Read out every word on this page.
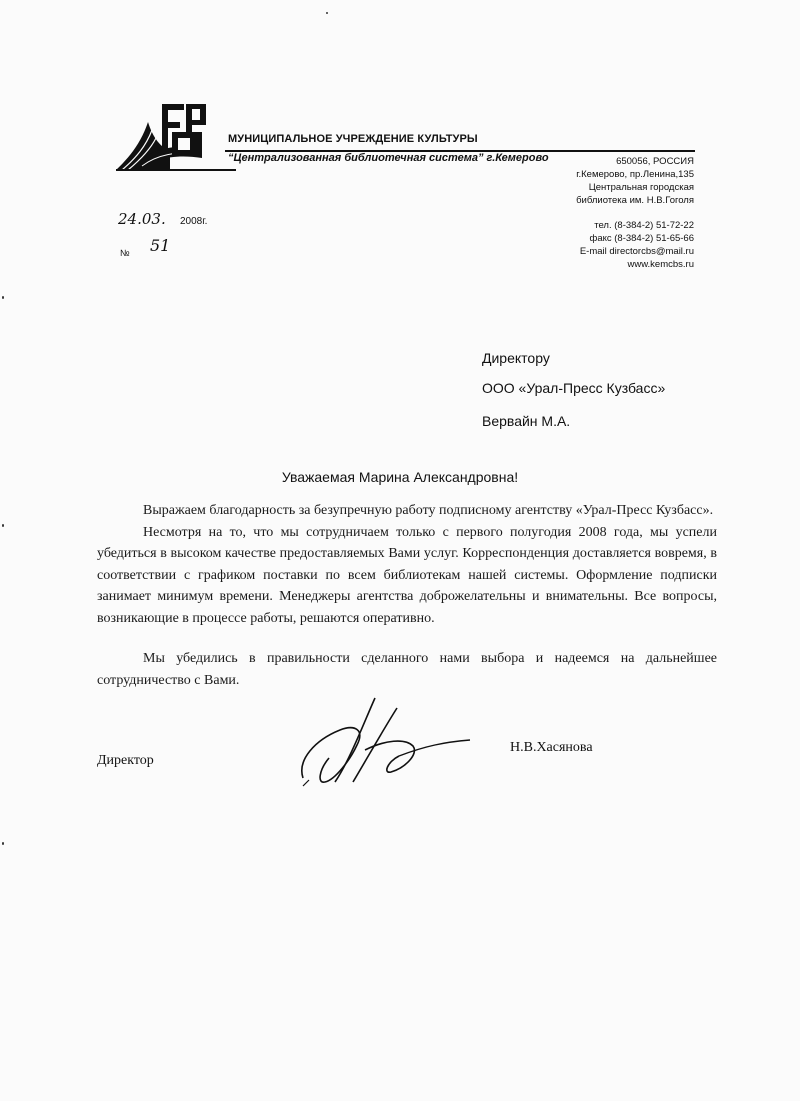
МУНИЦИПАЛЬНОЕ УЧРЕЖДЕНИЕ КУЛЬТУРЫ
“Централизованная библиотечная система” г.Кемерово	650056, РОССИЯ
г.Кемерово, пр.Ленина,135
Центральная городская
библиотека им. Н.В.Гоголя
тел. (8-384-2) 51-72-22
факс (8-384-2) 51-65-66
E-mail directorcbs@mail.ru
www.kemcbs.ru
24.03. 2008г.
№ 51
Директору
ООО «Урал-Пресс Кузбасс»
Вервайн М.А.
Уважаемая Марина Александровна!

Выражаем благодарность за безупречную работу подписному агентству «Урал-Пресс Кузбасс».

Несмотря на то, что мы сотрудничаем только с первого полугодия 2008 года, мы успели убедиться в высоком качестве предоставляемых Вами услуг. Корреспонденция доставляется вовремя, в соответствии с графиком поставки по всем библиотекам нашей системы. Оформление подписки занимает минимум времени. Менеджеры агентства доброжелательны и внимательны. Все вопросы, возникающие в процессе работы, решаются оперативно.

Мы убедились в правильности сделанного нами выбора и надеемся на дальнейшее сотрудничество с Вами.

Директор
Н.В.Хасянова
